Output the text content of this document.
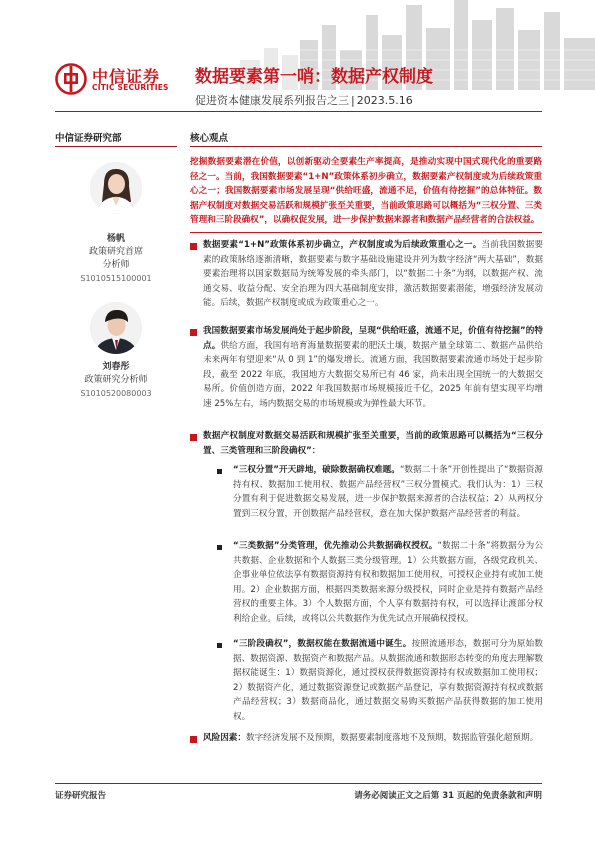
中信证券
CITIC SECURITIES
数据要素第一哨：数据产权制度
促进资本健康发展系列报告之三 | 2023.5.16
中信证券研究部
杨帆
政策研究首席
分析师
S1010515100001
刘春彤
政策研究分析师
S1010520080003
核心观点
挖掘数据要素潜在价值，以创新驱动全要素生产率提高，是推动实现中国式现代化的重要路径之一。当前，我国数据要素“1+N”政策体系初步确立，数据要素产权制度或为后续政策重心之一；我国数据要素市场发展呈现“供给旺盛，流通不足，价值有待挖掘”的总体特征。数据产权制度对数据交易活跃和规模扩张至关重要，当前政策思路可以概括为“三权分置、三类管理和三阶段确权”，以确权促发展，进一步保护数据来源者和数据产品经营者的合法权益。
数据要素“1+N”政策体系初步确立，产权制度或为后续政策重心之一。当前我国数据要素的政策脉络逐渐清晰，数据要素与数字基础设施建设并列为数字经济“两大基础”，数据要素治理将以国家数据局为统筹发展的牵头部门，以“数据二十条”为纲，以数据产权、流通交易、收益分配、安全治理为四大基础制度安排，激活数据要素潜能，增强经济发展动能。后续，数据产权制度或成为政策重心之一。
我国数据要素市场发展尚处于起步阶段，呈现“供给旺盛，流通不足，价值有待挖掘”的特点。供给方面，我国有培育海量数据要素的肥沃土壤，数据产量全球第二、数据产品供给未来两年有望迎来“从 0 到 1”的爆发增长。流通方面，我国数据要素流通市场处于起步阶段，截至 2022 年底，我国地方大数据交易所已有 46 家，尚未出现全国统一的大数据交易所。价值创造方面，2022 年我国数据市场规模接近千亿，2025 年前有望实现平均增速 25%左右，场内数据交易的市场规模或为弹性最大环节。
数据产权制度对数据交易活跃和规模扩张至关重要，当前的政策思路可以概括为“三权分置、三类管理和三阶段确权”：
“三权分置”开天辟地，破除数据确权难题。“数据二十条”开创性提出了“数据资源持有权、数据加工使用权、数据产品经营权”三权分置模式。我们认为：1）三权分置有利于促进数据交易发展，进一步保护数据来源者的合法权益；2）从两权分置到三权分置，开创数据产品经营权，意在加大保护数据产品经营者的利益。
“三类数据”分类管理，优先推动公共数据确权授权。“数据二十条”将数据分为公共数据、企业数据和个人数据三类分级管理。1）公共数据方面，各级党政机关、企事业单位依法享有数据资源持有权和数据加工使用权，可授权企业持有或加工使用。2）企业数据方面，根据四类数据来源分级授权，同时企业是持有数据产品经营权的重要主体。3）个人数据方面，个人享有数据持有权，可以选择让渡部分权利给企业。后续，或将以公共数据作为优先试点开展确权授权。
“三阶段确权”，数据权能在数据流通中诞生。按照流通形态，数据可分为原始数据、数据资源、数据资产和数据产品。从数据流通和数据形态转变的角度去理解数据权能诞生：1）数据资源化，通过授权获得数据资源持有权或数据加工使用权；2）数据资产化，通过数据资源登记或数据产品登记，享有数据资源持有权或数据产品经营权；3）数据商品化，通过数据交易购买数据产品获得数据的加工使用权。
风险因素：数字经济发展不及预期，数据要素制度落地不及预期，数据监管强化超预期。
证券研究报告	请务必阅读正文之后第 31 页起的免责条款和声明
